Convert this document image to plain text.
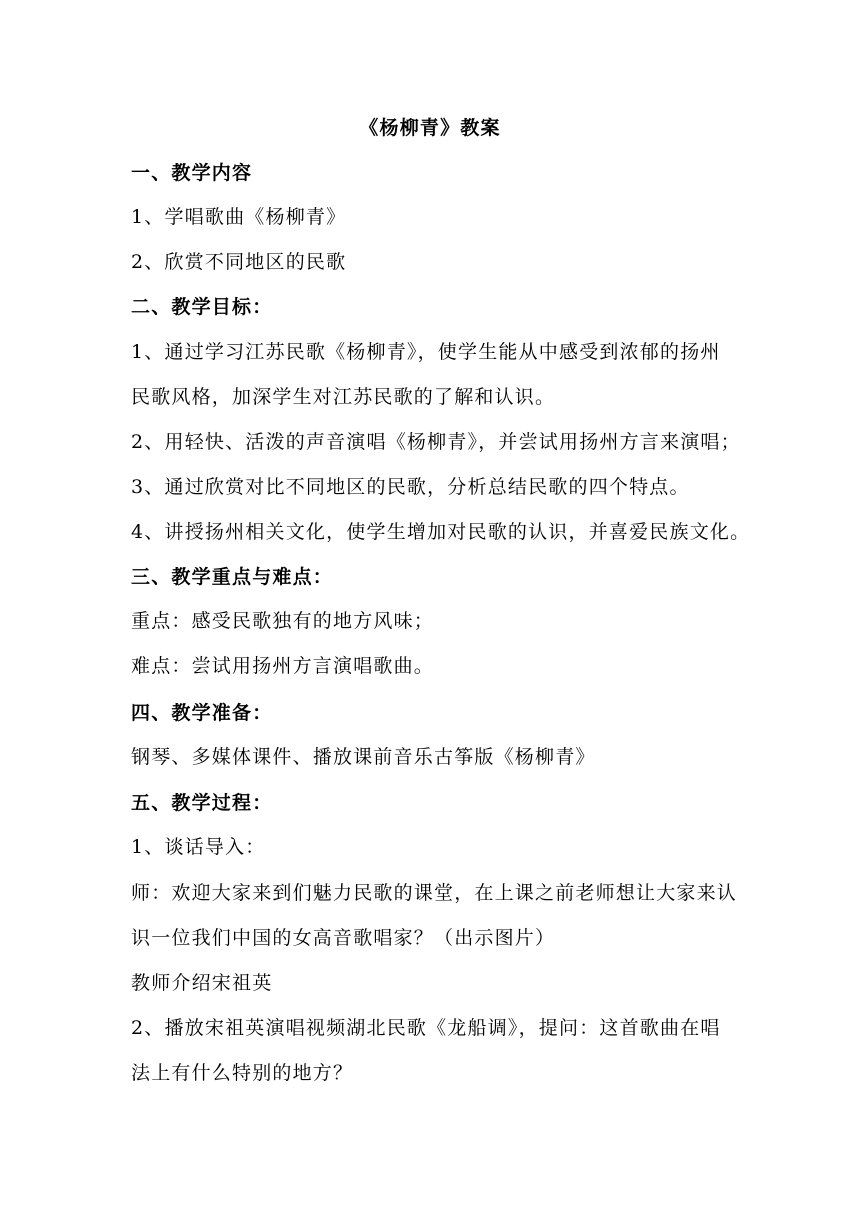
《杨柳青》教案
一、教学内容
1、学唱歌曲《杨柳青》
2、欣赏不同地区的民歌
二、教学目标：
1、通过学习江苏民歌《杨柳青》，使学生能从中感受到浓郁的扬州
民歌风格，加深学生对江苏民歌的了解和认识。
2、用轻快、活泼的声音演唱《杨柳青》，并尝试用扬州方言来演唱；
3、通过欣赏对比不同地区的民歌，分析总结民歌的四个特点。
4、讲授扬州相关文化，使学生增加对民歌的认识，并喜爱民族文化。
三、教学重点与难点：
重点：感受民歌独有的地方风味；
难点：尝试用扬州方言演唱歌曲。
四、教学准备：
钢琴、多媒体课件、播放课前音乐古筝版《杨柳青》
五、教学过程：
1、谈话导入：
师：欢迎大家来到们魅力民歌的课堂，在上课之前老师想让大家来认
识一位我们中国的女高音歌唱家？（出示图片）
教师介绍宋祖英
2、播放宋祖英演唱视频湖北民歌《龙船调》，提问：这首歌曲在唱
法上有什么特别的地方？
